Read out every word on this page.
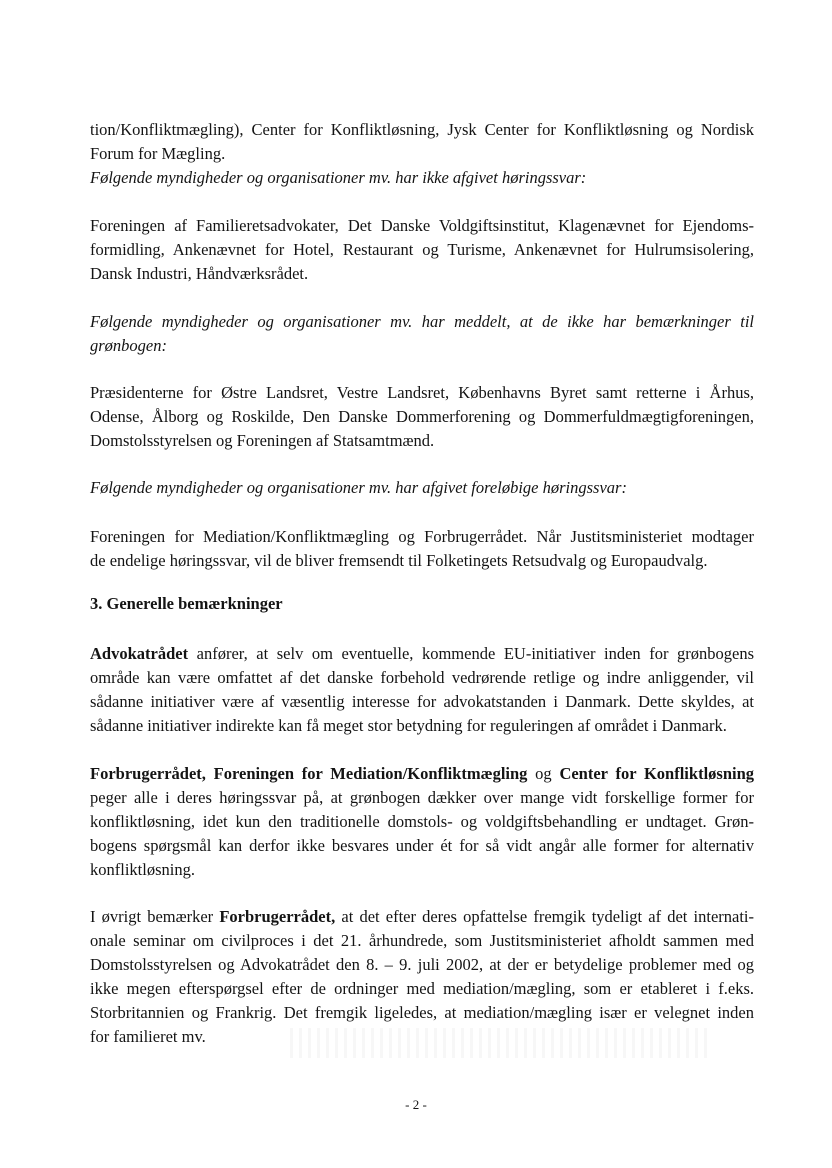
tion/Konfliktmægling), Center for Konfliktløsning, Jysk Center for Konfliktløsning og Nordisk
Forum for Mægling.
Følgende myndigheder og organisationer mv. har ikke afgivet høringssvar:
Foreningen af Familieretsadvokater, Det Danske Voldgiftsinstitut, Klagenævnet for Ejendoms-
formidling, Ankenævnet for Hotel, Restaurant og Turisme, Ankenævnet for Hulrumsisolering,
Dansk Industri, Håndværksrådet.
Følgende myndigheder og organisationer mv. har meddelt, at de ikke har bemærkninger til
grønbogen:
Præsidenterne for Østre Landsret, Vestre Landsret, Københavns Byret samt retterne i Århus,
Odense, Ålborg og Roskilde, Den Danske Dommerforening og Dommerfuldmægtigforeningen,
Domstolsstyrelsen og Foreningen af Statsamtmænd.
Følgende myndigheder og organisationer mv. har afgivet foreløbige høringssvar:
Foreningen for Mediation/Konfliktmægling og Forbrugerrådet. Når Justitsministeriet modtager
de endelige høringssvar, vil de bliver fremsendt til Folketingets Retsudvalg og Europaudvalg.
3. Generelle bemærkninger
Advokatrådet anfører, at selv om eventuelle, kommende EU-initiativer inden for grønbogens
område kan være omfattet af det danske forbehold vedrørende retlige og indre anliggender, vil
sådanne initiativer være af væsentlig interesse for advokatstanden i Danmark. Dette skyldes, at
sådanne initiativer indirekte kan få meget stor betydning for reguleringen af området i Danmark.
Forbrugerrådet, Foreningen for Mediation/Konfliktmægling og Center for Konfliktløsning
peger alle i deres høringssvar på, at grønbogen dækker over mange vidt forskellige former for
konfliktløsning, idet kun den traditionelle domstols- og voldgiftsbehandling er undtaget. Grøn-
bogens spørgsmål kan derfor ikke besvares under ét for så vidt angår alle former for alternativ
konfliktløsning.
I øvrigt bemærker Forbrugerrådet, at det efter deres opfattelse fremgik tydeligt af det internati-
onale seminar om civilproces i det 21. århundrede, som Justitsministeriet afholdt sammen med
Domstolsstyrelsen og Advokatrådet den 8. – 9. juli 2002, at der er betydelige problemer med og
ikke megen efterspørgsel efter de ordninger med mediation/mægling, som er etableret i f.eks.
Storbritannien og Frankrig. Det fremgik ligeledes, at mediation/mægling især er velegnet inden
for familieret mv.
- 2 -
